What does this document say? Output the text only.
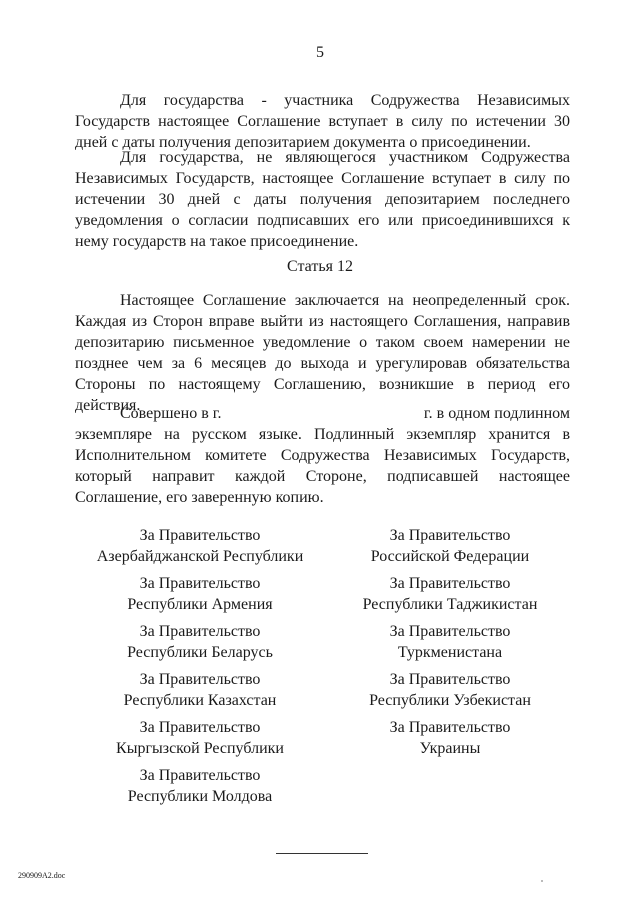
5

Для государства - участника Содружества Независимых Государств настоящее Соглашение вступает в силу по истечении 30 дней с даты получения депозитарием документа о присоединении.

Для государства, не являющегося участником Содружества Независимых Государств, настоящее Соглашение вступает в силу по истечении 30 дней с даты получения депозитарием последнего уведомления о согласии подписавших его или присоединившихся к нему государств на такое присоединение.

Статья 12

Настоящее Соглашение заключается на неопределенный срок. Каждая из Сторон вправе выйти из настоящего Соглашения, направив депозитарию письменное уведомление о таком своем намерении не позднее чем за 6 месяцев до выхода и урегулировав обязательства Стороны по настоящему Соглашению, возникшие в период его действия.

Совершено в г.	г. в одном подлинном

экземпляре на русском языке. Подлинный экземпляр хранится в Исполнительном комитете Содружества Независимых Государств, который направит каждой Стороне, подписавшей настоящее Соглашение, его заверенную копию.

За Правительство
Азербайджанской Республики
За Правительство
Республики Армения
За Правительство
Республики Беларусь
За Правительство
Республики Казахстан
За Правительство
Кыргызской Республики
За Правительство
Республики Молдова
За Правительство
Российской Федерации
За Правительство
Республики Таджикистан
За Правительство
Туркменистана
За Правительство
Республики Узбекистан
За Правительство
Украины
290909A2.doc
